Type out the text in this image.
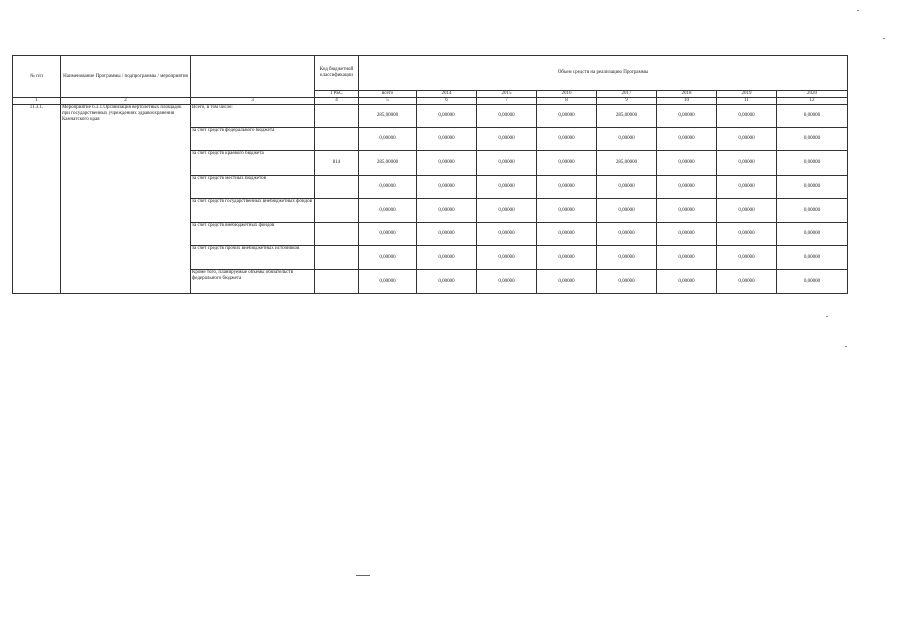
№ п/п	Наименование Программы / подпрограммы / мероприятия		Код бюджетной классификации	Объем средств на реализацию Программы							
			ГРБС	всего	2014	2015	2016	2017	2018	2019	2020
1	2	3	4	5	6	7	8	9	10	11	12
11.3.1.	Мероприятие 6.3.1.Организация вертолетных площадок при государственных учреждениях здравоохранения Камчатского края	Всего, в том числе:		285,00000	0,00000	0,00000	0,00000	285,00000	0,00000	0,00000	0,00000
		за счет средств федерального бюджета		0,00000	0,00000	0,00000	0,00000	0,00000	0,00000	0,00000	0,00000
		за счет средств краевого бюджета	814	285,00000	0,00000	0,00000	0,00000	285,00000	0,00000	0,00000	0,00000
		за счет средств местных бюджетов		0,00000	0,00000	0,00000	0,00000	0,00000	0,00000	0,00000	0,00000
		за счет средств государственных внебюджетных фондов		0,00000	0,00000	0,00000	0,00000	0,00000	0,00000	0,00000	0,00000
		за счет средств внебюджетных фондов		0,00000	0,00000	0,00000	0,00000	0,00000	0,00000	0,00000	0,00000
		за счет средств прочих внебюджетных источников		0,00000	0,00000	0,00000	0,00000	0,00000	0,00000	0,00000	0,00000
		Кроме того, планируемые объемы обязательств федерального бюджета		0,00000	0,00000	0,00000	0,00000	0,00000	0,00000	0,00000	0,00000
